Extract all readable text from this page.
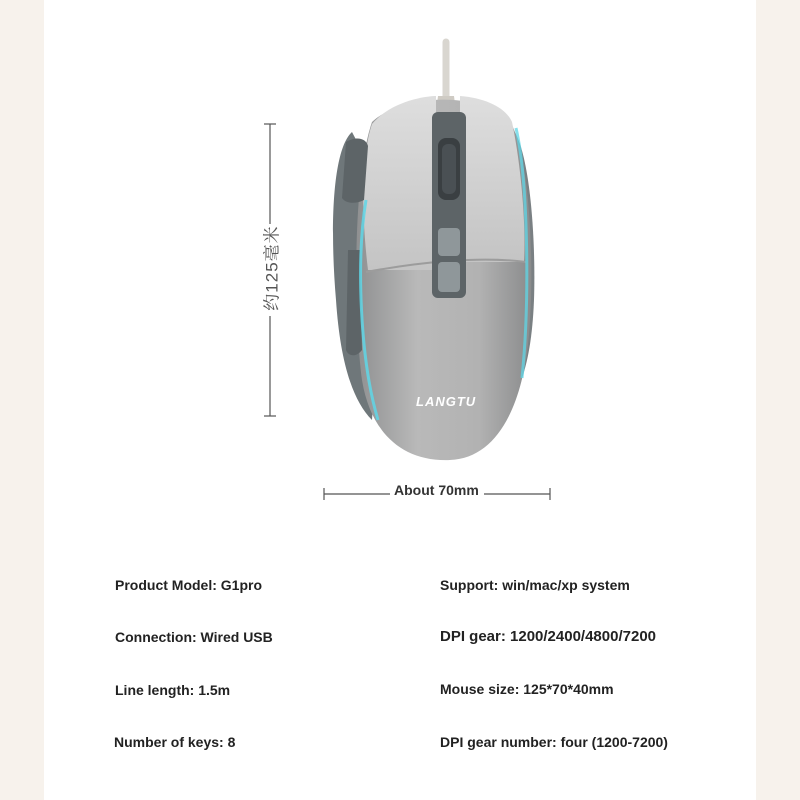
约125毫米
About 70mm
LANGTU
Product Model: G1pro
Connection: Wired USB
Line length: 1.5m
Number of keys: 8
Support: win/mac/xp system
DPI gear: 1200/2400/4800/7200
Mouse size: 125*70*40mm
DPI gear number: four (1200-7200)
